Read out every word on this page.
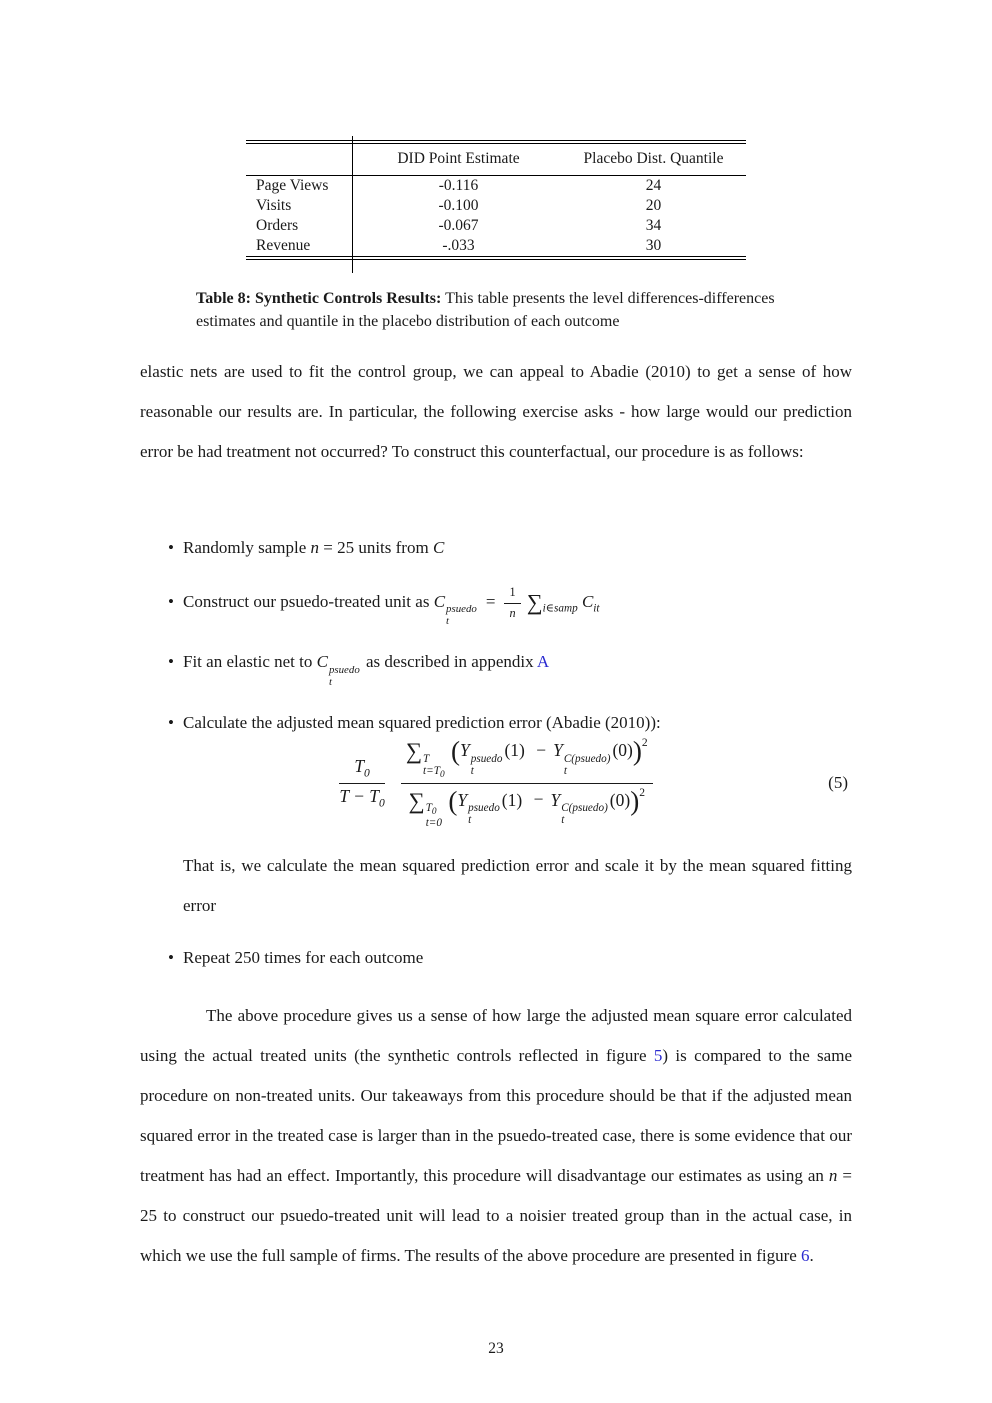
	DID Point Estimate	Placebo Dist. Quantile
Page Views	-0.116	24
Visits	-0.100	20
Orders	-0.067	34
Revenue	-.033	30
Table 8: Synthetic Controls Results: This table presents the level differences-differences estimates and quantile in the placebo distribution of each outcome
elastic nets are used to fit the control group, we can appeal to Abadie (2010) to get a sense of how reasonable our results are. In particular, the following exercise asks - how large would our prediction error be had treatment not occurred? To construct this counterfactual, our procedure is as follows:
• Randomly sample n = 25 units from C
• Construct our psuedo-treated unit as C psuedo
t
= $\frac{1}{n} \sum_{i\in samp}$ $C_{it}$
• Fit an elastic net to C psuedo
t
as described in appendix A
• Calculate the adjusted mean squared prediction error (Abadie (2010)):
$\frac{T_0}{T - T_0}$ ∑ T
$t=T_0$
(Y psuedo
t
(1) − Y C(psuedo)
t
(0))$^2$
∑ $T_0$
t=0
(Y psuedo
t
(1) − Y C(psuedo)
t
(0))$^2$	(5)
That is, we calculate the mean squared prediction error and scale it by the mean squared fitting error
• Repeat 250 times for each outcome
The above procedure gives us a sense of how large the adjusted mean square error calculated using the actual treated units (the synthetic controls reflected in figure 5) is compared to the same procedure on non-treated units. Our takeaways from this procedure should be that if the adjusted mean squared error in the treated case is larger than in the psuedo-treated case, there is some evidence that our treatment has had an effect. Importantly, this procedure will disadvantage our estimates as using an n = 25 to construct our psuedo-treated unit will lead to a noisier treated group than in the actual case, in which we use the full sample of firms. The results of the above procedure are presented in figure 6.
23
